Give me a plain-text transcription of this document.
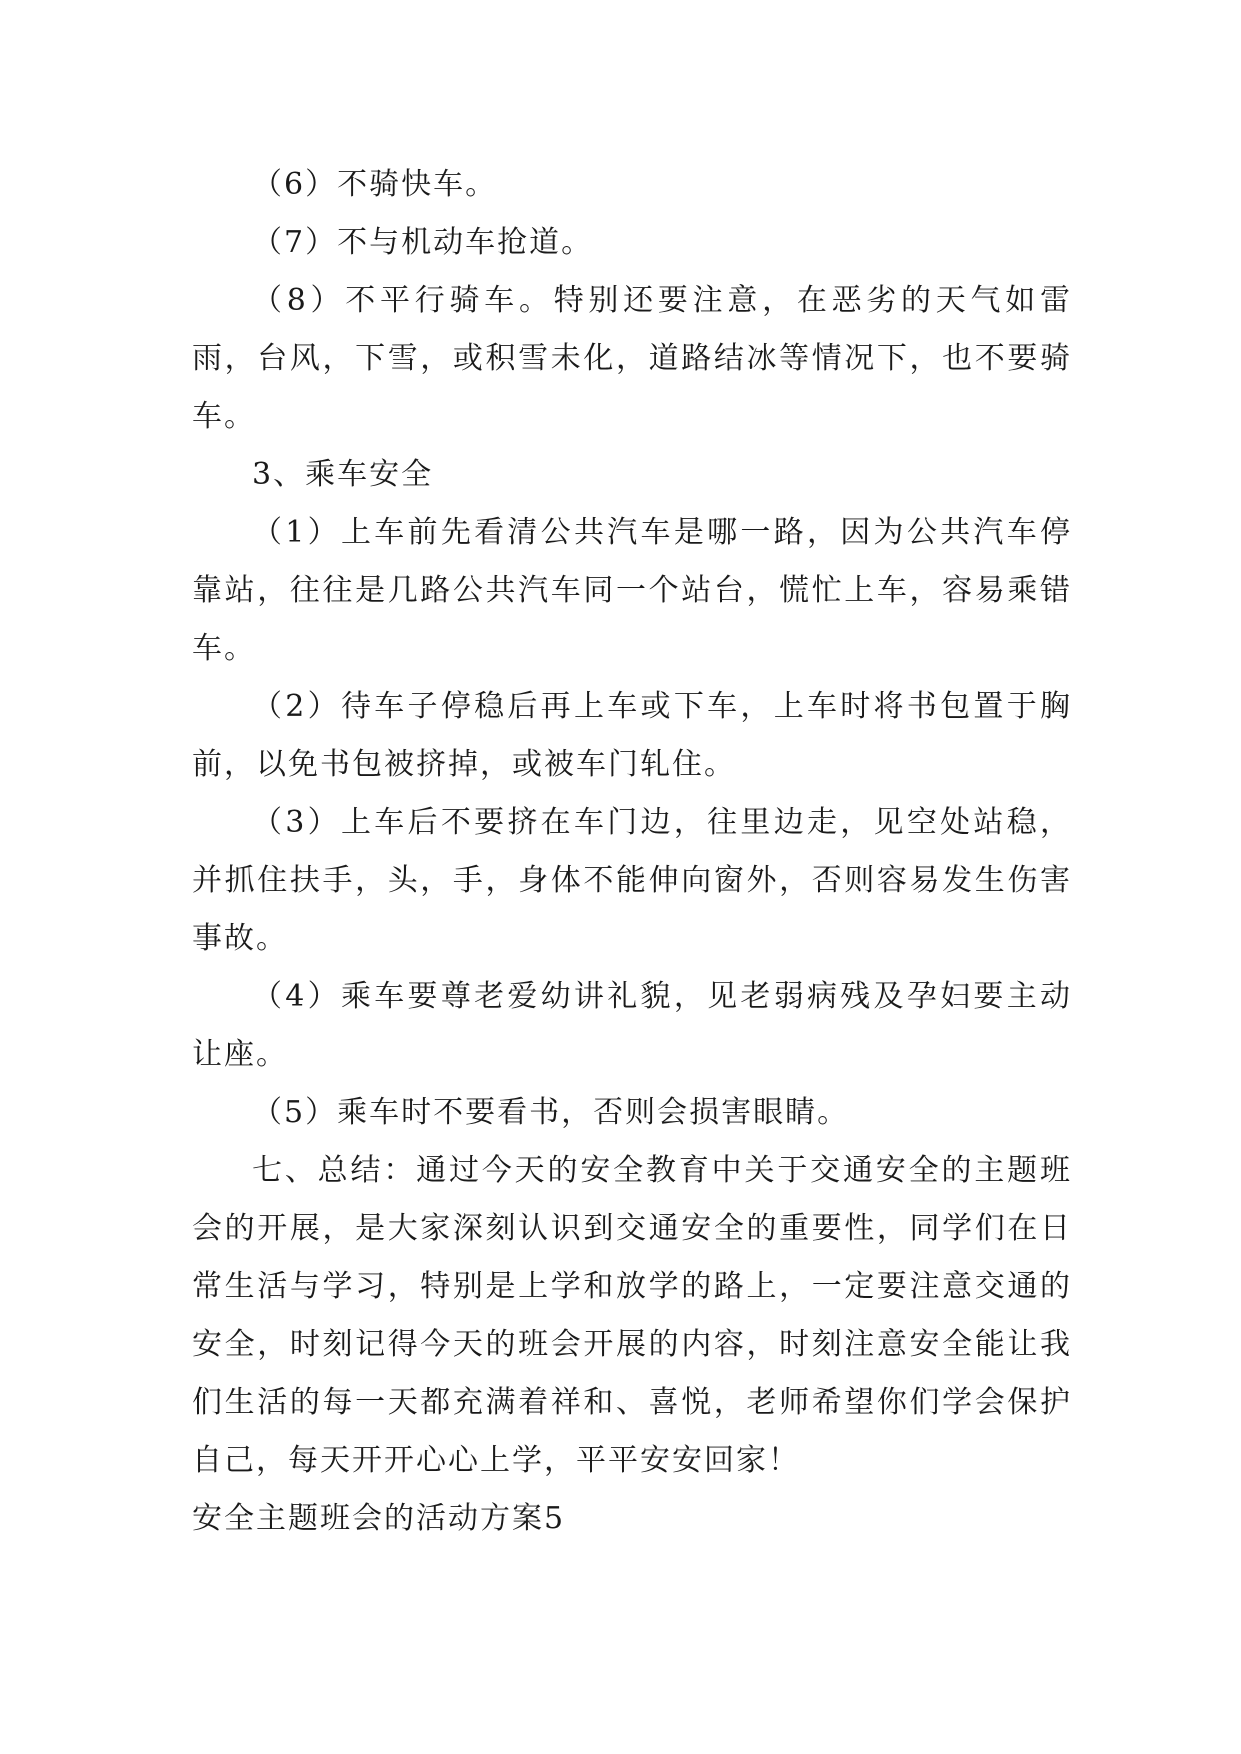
（6）不骑快车。

（7）不与机动车抢道。

（8）不平行骑车。特别还要注意，在恶劣的天气如雷雨，台风，下雪，或积雪未化，道路结冰等情况下，也不要骑车。

3、乘车安全

（1）上车前先看清公共汽车是哪一路，因为公共汽车停靠站，往往是几路公共汽车同一个站台，慌忙上车，容易乘错车。

（2）待车子停稳后再上车或下车，上车时将书包置于胸前，以免书包被挤掉，或被车门轧住。

（3）上车后不要挤在车门边，往里边走，见空处站稳，并抓住扶手，头，手，身体不能伸向窗外，否则容易发生伤害事故。

（4）乘车要尊老爱幼讲礼貌，见老弱病残及孕妇要主动让座。

（5）乘车时不要看书，否则会损害眼睛。

七、总结：通过今天的安全教育中关于交通安全的主题班会的开展，是大家深刻认识到交通安全的重要性，同学们在日常生活与学习，特别是上学和放学的路上，一定要注意交通的安全，时刻记得今天的班会开展的内容，时刻注意安全能让我们生活的每一天都充满着祥和、喜悦，老师希望你们学会保护自己，每天开开心心上学，平平安安回家！

安全主题班会的活动方案5
